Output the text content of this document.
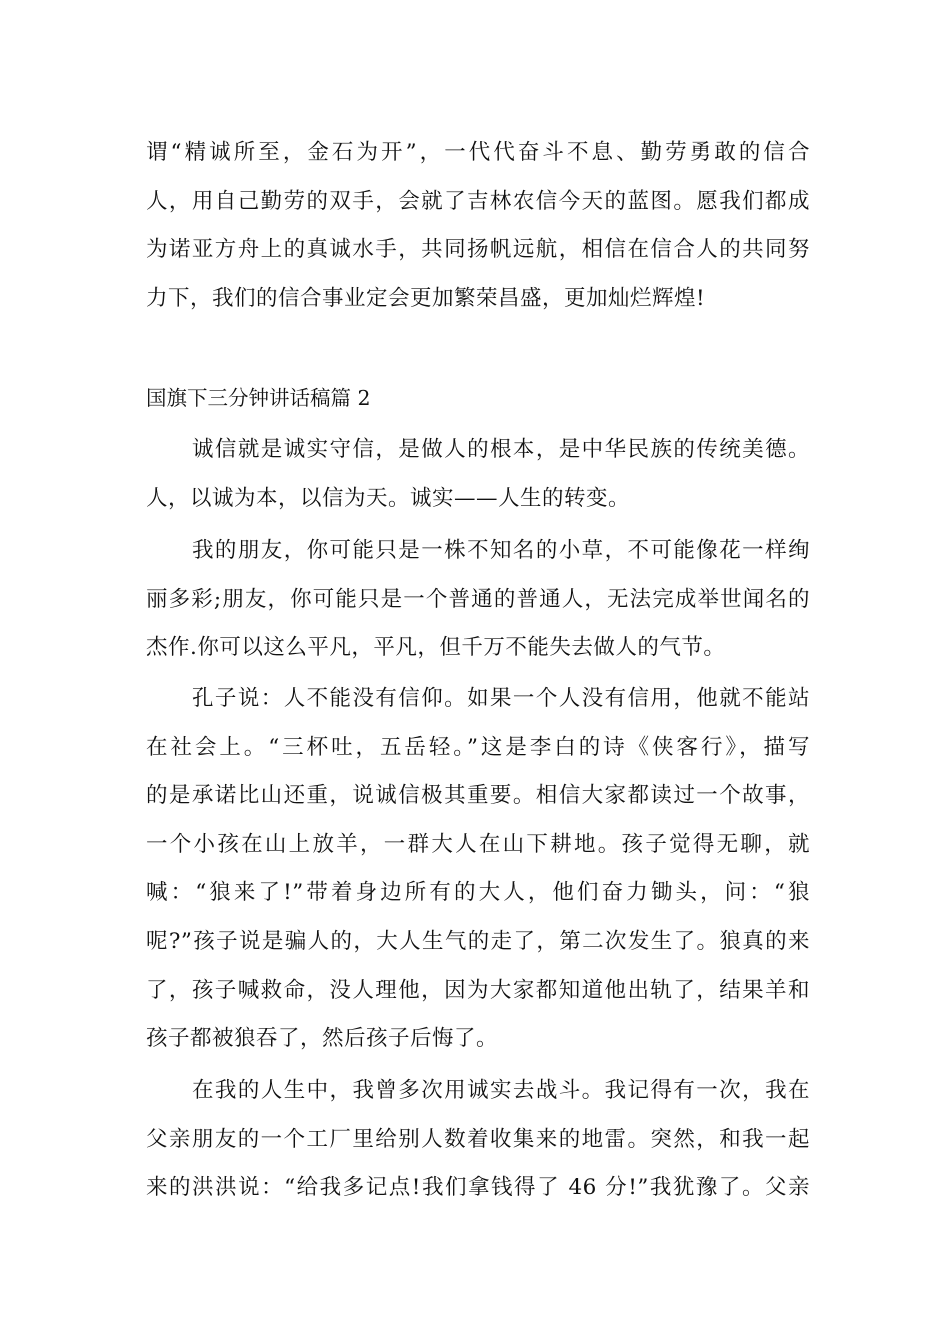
谓“精诚所至，金石为开”，一代代奋斗不息、勤劳勇敢的信合
人，用自己勤劳的双手，会就了吉林农信今天的蓝图。愿我们都成
为诺亚方舟上的真诚水手，共同扬帆远航，相信在信合人的共同努
力下，我们的信合事业定会更加繁荣昌盛，更加灿烂辉煌!
国旗下三分钟讲话稿篇 2
诚信就是诚实守信，是做人的根本，是中华民族的传统美德。
人，以诚为本，以信为天。诚实——人生的转变。
我的朋友，你可能只是一株不知名的小草，不可能像花一样绚
丽多彩;朋友，你可能只是一个普通的普通人，无法完成举世闻名的
杰作.你可以这么平凡，平凡，但千万不能失去做人的气节。
孔子说：人不能没有信仰。如果一个人没有信用，他就不能站
在社会上。“三杯吐，五岳轻。”这是李白的诗《侠客行》，描写
的是承诺比山还重，说诚信极其重要。相信大家都读过一个故事，
一个小孩在山上放羊，一群大人在山下耕地。孩子觉得无聊，就
喊：“狼来了!”带着身边所有的大人，他们奋力锄头，问：“狼
呢?”孩子说是骗人的，大人生气的走了，第二次发生了。狼真的来
了，孩子喊救命，没人理他，因为大家都知道他出轨了，结果羊和
孩子都被狼吞了，然后孩子后悔了。
在我的人生中，我曾多次用诚实去战斗。我记得有一次，我在
父亲朋友的一个工厂里给别人数着收集来的地雷。突然，和我一起
来的洪洪说：“给我多记点!我们拿钱得了 46 分!”我犹豫了。父亲
